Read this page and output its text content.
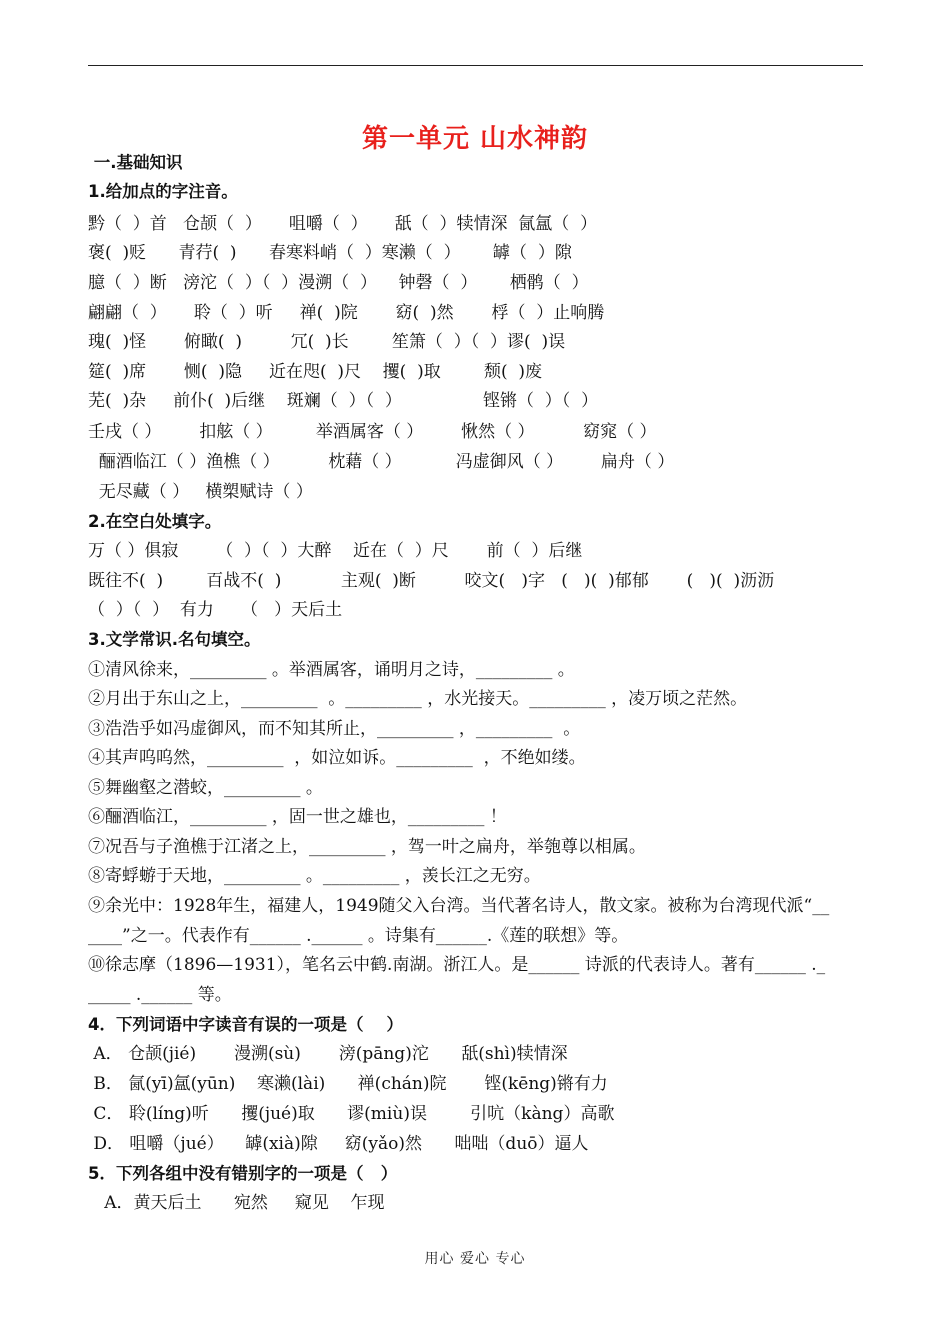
第一单元 山水神韵
一.基础知识
1.给加点的字注音。
黔（  ）首   仓颉（  ）     咀嚼（  ）     舐（  ）犊情深  氤氲（  ）
褒(  )贬      青荇(  )      春寒料峭（  ）寒濑（  ）      罅（  ）隙
臆（  ）断   滂沱（  ）（  ）漫溯（  ）    钟磬（  ）      栖鹘（  ）
翩翩（  ）     聆（  ）听     禅(  )院       窈(  )然       桴（  ）止响腾
瑰(  )怪       俯瞰(  )         冗(  )长        笙箫（  ）（  ）谬(  )误
筵(  )席       恻(  )隐     近在咫(  )尺    攫(  )取        颓(  )废
芜(  )杂     前仆(  )后继    斑斓（  ）（  ）               铿锵（  ）（  ）
壬戌（ ）       扣舷（ ）        举酒属客（ ）       愀然（ ）         窈窕（ ）
酾酒临江（ ）渔樵（ ）         枕藉（ ）          冯虚御风（ ）       扁舟（ ）
无尽藏（ ）   横槊赋诗（ ）
2.在空白处填字。
万（ ）俱寂       （  ）（  ）大醉    近在（  ）尺       前（  ）后继
既往不(  )        百战不(  )           主观(  )断         咬文(   )字   (   )(  )郁郁       (   )(  )沥沥
（  ）（  ）  有力     （   ）天后土
3.文学常识.名句填空。
①清风徐来，_________ 。举酒属客，诵明月之诗，_________ 。
②月出于东山之上，_________  。_________ ，水光接天。_________ ，凌万顷之茫然。
③浩浩乎如冯虚御风，而不知其所止，_________ ，_________  。
④其声呜呜然，_________  ，如泣如诉。_________  ，不绝如缕。
⑤舞幽壑之潜蛟，_________ 。
⑥酾酒临江，_________ ，固一世之雄也，_________ ！
⑦况吾与子渔樵于江渚之上，_________ ，驾一叶之扁舟，举匏尊以相属。
⑧寄蜉蝣于天地，_________ 。_________ ，羡长江之无穷。
⑨余光中：1928年生，福建人，1949随父入台湾。当代著名诗人，散文家。被称为台湾现代派“__
____”之一。代表作有______ .______ 。诗集有______.《莲的联想》等。
⑩徐志摩（1896—1931），笔名云中鹤.南湖。浙江人。是______ 诗派的代表诗人。著有______ ._
_____ .______ 等。
4．下列词语中字读音有误的一项是（    ）
A． 仓颉(jié)       漫溯(sù)       滂(pāng)沱      舐(shì)犊情深
B． 氤(yī)氲(yūn)    寒濑(lài)      禅(chán)院       铿(kēng)锵有力
C． 聆(líng)听      攫(jué)取      谬(miù)误        引吭（kàng）高歌
D． 咀嚼（jué）    罅(xià)隙     窈(yǎo)然      咄咄（duō）逼人
5．下列各组中没有错别字的一项是（   ）
A．黄天后土      宛然     窥见    乍现
用心 爱心 专心
